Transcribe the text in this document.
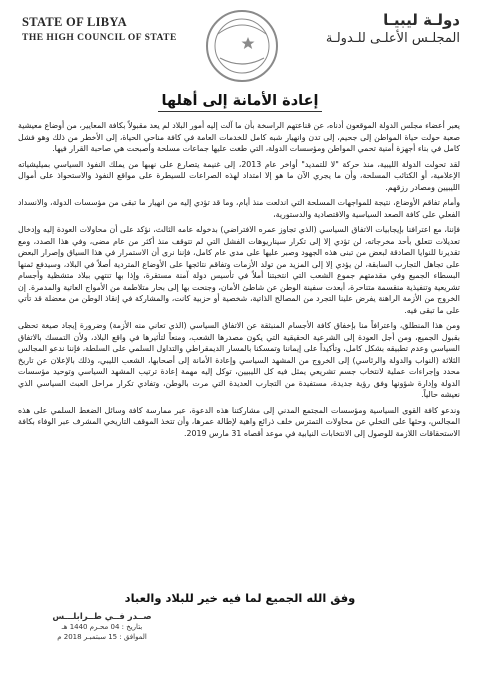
STATE OF LIBYA
THE HIGH COUNCIL OF STATE
دولـة ليبيـا
المجلـس الأعلـى للـدولـة
إعادة الأمانة إلى أهلها

يعبر أعضاء مجلس الدولة الموقعون أدناه، عن قناعتهم الراسخة بأن ما آلت إليه أمور البلاد لم يعد مقبولاً بكافة المعايير، من أوضاع معيشية صعبة حولت حياة المواطن إلى جحيم، إلى تدن وانهيار شبه كامل للخدمات العامة في كافة مناحي الحياة، إلى الأخطر من ذلك وهو فشل كامل في بناء أجهزة أمنية تحمي المواطن ومؤسسات الدولة، التي طغت عليها جماعات مسلحة وأصبحت هي صاحبة القرار فيها.

لقد تحولت الدولة الليبية، منذ حركة "لا للتمديد" أواخر عام 2013، إلى غنيمة يتصارع على نهبها من يملك النفوذ السياسي بميليشياته الإعلامية، أو الكتائب المسلحة، وأن ما يجري الآن ما هو إلا امتداد لهذه الصراعات للسيطرة على مواقع النفوذ والاستحواذ على أموال الليبيين ومصادر رزقهم.

وأمام تفاقم الأوضاع، نتيجة للمواجهات المسلحة التي اندلعت منذ أيام، وما قد تؤدي إليه من انهيار ما تبقى من مؤسسات الدولة، والانسداد الفعلي على كافة الصعد السياسية والاقتصادية والدستورية،

فإننا، مع اعترافنا بإيجابيات الاتفاق السياسي (الذي تجاوز عمره الافتراضي) بدخوله عامه الثالث، نؤكد على أن محاولات العودة إليه وإدخال تعديلات تتعلق بأحد مخرجاته، لن تؤدي إلا إلى تكرار سيناريوهات الفشل التي لم تتوقف منذ أكثر من عام مضى، وفي هذا الصدد، ومع تقديرنا للنوايا الصادقة لبعض من تبنى هذه الجهود وصبر عليها على مدى عام كامل، فإننا نرى أن الاستمرار في هذا السياق وإصرار البعض على تجاهل التجارب السابقة، لن يؤدي إلا إلى المزيد من تولد الأزمات وتفاقم نتائجها على الأوضاع المتردية أصلاً في البلاد، وسيدفع ثمنها البسطاء الجميع وفي مقدمتهم جموع الشعب التي انتخبتنا أملاً في تأسيس دولة آمنة مستقرة، وإذا بها تنتهي ببلاد متشظية وأجسام تشريعية وتنفيذية منقسمة متناحرة، أبعدت سفينة الوطن عن شاطئ الأمان، وجنحت بها إلى بحار متلاطمة من الأمواج العاتية والمدمرة. إن الخروج من الأزمة الراهنة يفرض علينا التجرد من المصالح الذاتية، شخصية أو حزبية كانت، والمشاركة في إنقاذ الوطن من معضلة قد تأتي على ما تبقى فيه.

ومن هذا المنطلق، واعترافاً منا بإخفاق كافة الأجسام المنبثقة عن الاتفاق السياسي (الذي تعاني منه الأزمة) وضرورة إيجاد صيغة تحظى بقبول الجميع، ومن أجل العودة إلى الشرعية الحقيقية التي يكون مصدرها الشعب، ومنعاً لتأثيرها في واقع البلاد، ولأن التمسك بالاتفاق السياسي وعدم تطبيقه بشكل كامل، وتأكيداً على إيماننا وتمسكنا بالمسار الديمقراطي والتداول السلمي على السلطة، فإننا ندعو المجالس الثلاثة (النواب والدولة والرئاسي) إلى الخروج من المشهد السياسي وإعادة الأمانة إلى أصحابها، الشعب الليبي، وذلك بالإعلان عن تاريخ محدد وإجراءات عملية لانتخاب جسم تشريعي يمثل فيه كل الليبيين، توكل إليه مهمة إعادة ترتيب المشهد السياسي وتوحيد مؤسسات الدولة وإدارة شؤونها وفق رؤية جديدة، مستفيدة من التجارب العديدة التي مرت بالوطن، وتفادي تكرار مراحل العبث السياسي الذي نعيشه حالياً.

وندعو كافة القوى السياسية ومؤسسات المجتمع المدني إلى مشاركتنا هذه الدعوة، عبر ممارسة كافة وسائل الضغط السلمي على هذه المجالس، وحثها على التخلي عن محاولات التمترس خلف ذرائع واهية لإطالة عمرها، وأن تتخذ الموقف التاريخي المشرف عبر الوفاء بكافة الاستحقاقات اللازمة للوصول إلى الانتخابات النيابية في موعد أقصاه 31 مارس 2019.

وفق الله الجميع لما فيه خير للبلاد والعباد
صــدر فــي طــرابلـــس
بتاريخ : 04 محـرم 1440 هـ
الموافق : 15 سبتمبـر 2018 م
